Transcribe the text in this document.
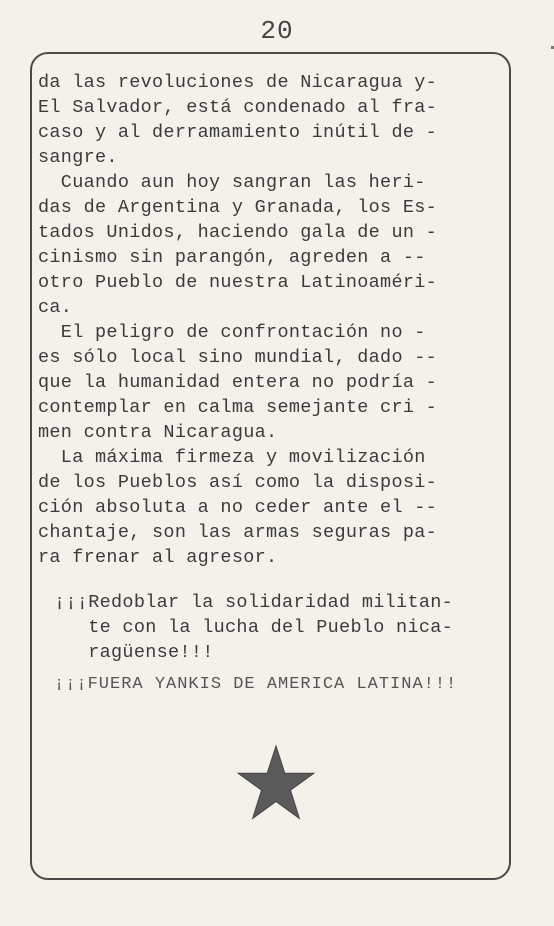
20
da las revoluciones de Nicaragua y-
El Salvador, está condenado al fra-
caso y al derramamiento inútil de -
sangre.
Cuando aun hoy sangran las heri-
das de Argentina y Granada, los Es-
tados Unidos, haciendo gala de un -
cinismo sin parangón, agreden a --
otro Pueblo de nuestra Latinoaméri-
ca.
El peligro de confrontación no -
es sólo local sino mundial, dado --
que la humanidad entera no podría -
contemplar en calma semejante cri -
men contra Nicaragua.
La máxima firmeza y movilización
de los Pueblos así como la disposi-
ción absoluta a no ceder ante el --
chantaje, son las armas seguras pa-
ra frenar al agresor.
¡¡¡Redoblar la solidaridad militan-
te con la lucha del Pueblo nica-
ragüense!!!
¡¡¡FUERA YANKIS DE AMERICA LATINA!!!
